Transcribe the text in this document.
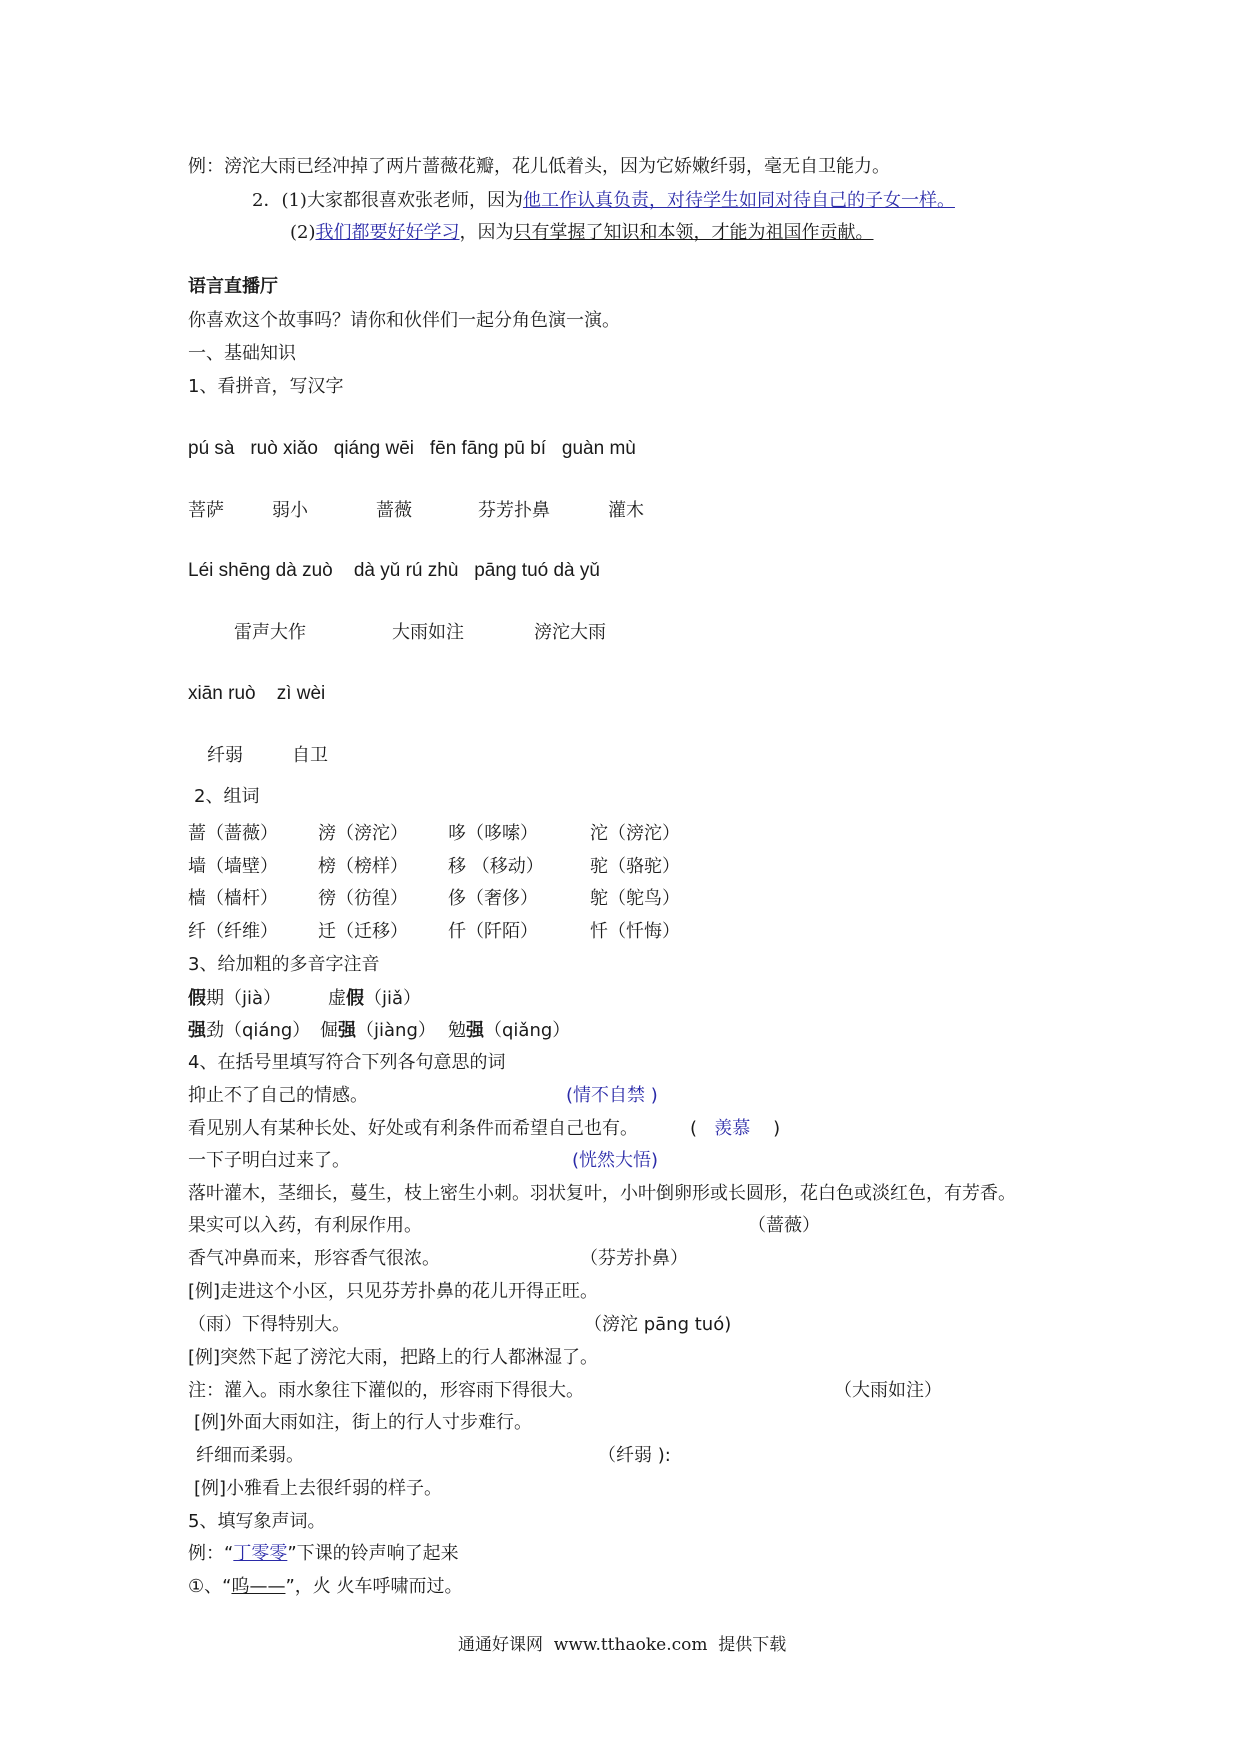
例：滂沱大雨已经冲掉了两片蔷薇花瓣，花儿低着头，因为它娇嫩纤弱，毫无自卫能力。
2．(1)大家都很喜欢张老师，因为他工作认真负责，对待学生如同对待自己的子女一样。
(2)我们都要好好学习，因为只有掌握了知识和本领，才能为祖国作贡献。
语言直播厅
你喜欢这个故事吗？请你和伙伴们一起分角色演一演。
一、基础知识
1、看拼音，写汉字
pú sà   ruò xiǎo   qiáng wēi   fēn fāng pū bí   guàn mù
菩萨	弱小	蔷薇	芬芳扑鼻	灌木
Léi shēng dà zuò    dà yǔ rú zhù   pāng tuó dà yǔ
雷声大作	大雨如注	滂沱大雨
xiān ruò    zì wèi
纤弱	自卫
2、组词
蔷（蔷薇） 滂（滂沱） 哆（哆嗦）	沱（滂沱）
墙（墙壁） 榜（榜样） 移 （移动）	驼（骆驼）
樯（樯杆） 徬（彷徨） 侈（奢侈）	鸵（鸵鸟）
纤（纤维） 迁（迁移） 仟（阡陌）	忏（忏悔）
3、给加粗的多音字注音
假期（jià）	虚假（jiǎ）
强劲（qiáng） 倔强（jiàng） 勉强（qiǎng）
4、在括号里填写符合下列各句意思的词
抑止不了自己的情感。	(情不自禁 )
看见别人有某种长处、好处或有利条件而希望自己也有。	( 羡慕 )
一下子明白过来了。	(恍然大悟)
落叶灌木，茎细长，蔓生，枝上密生小刺。羽状复叶，小叶倒卵形或长圆形，花白色或淡红色，有芳香。
果实可以入药，有利尿作用。	（蔷薇）
香气冲鼻而来，形容香气很浓。	（芬芳扑鼻）
[例]走进这个小区，只见芬芳扑鼻的花儿开得正旺。
（雨）下得特别大。	（滂沱 pāng tuó)
[例]突然下起了滂沱大雨，把路上的行人都淋湿了。
注：灌入。雨水象往下灌似的，形容雨下得很大。	（大雨如注）
[例]外面大雨如注，街上的行人寸步难行。
纤细而柔弱。	（纤弱 ):
[例]小雅看上去很纤弱的样子。
5、填写象声词。
例：“丁零零”下课的铃声响了起来
①、“呜——”，火 火车呼啸而过。
通通好课网  www.tthaoke.com  提供下载
